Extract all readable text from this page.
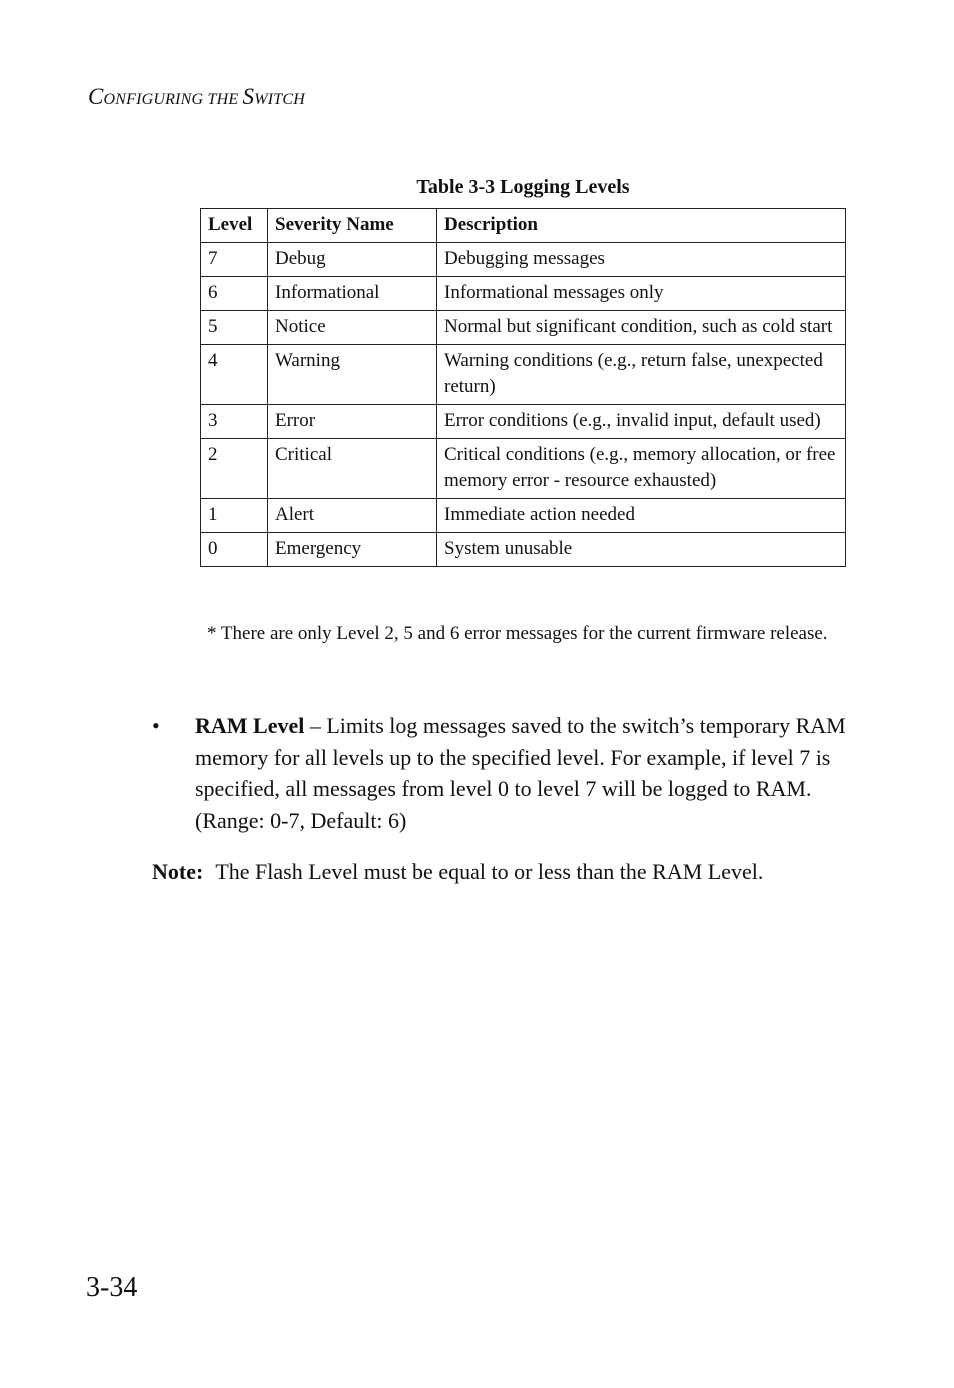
CONFIGURING THE SWITCH
Table 3-3 Logging Levels
Level	Severity Name	Description
7	Debug	Debugging messages
6	Informational	Informational messages only
5	Notice	Normal but significant condition, such as cold start
4	Warning	Warning conditions (e.g., return false, unexpected return)
3	Error	Error conditions (e.g., invalid input, default used)
2	Critical	Critical conditions (e.g., memory allocation, or free memory error - resource exhausted)
1	Alert	Immediate action needed
0	Emergency	System unusable
* There are only Level 2, 5 and 6 error messages for the current firmware release.
• RAM Level – Limits log messages saved to the switch’s temporary RAM memory for all levels up to the specified level. For example, if level 7 is specified, all messages from level 0 to level 7 will be logged to RAM. (Range: 0-7, Default: 6)
Note: The Flash Level must be equal to or less than the RAM Level.
3-34
